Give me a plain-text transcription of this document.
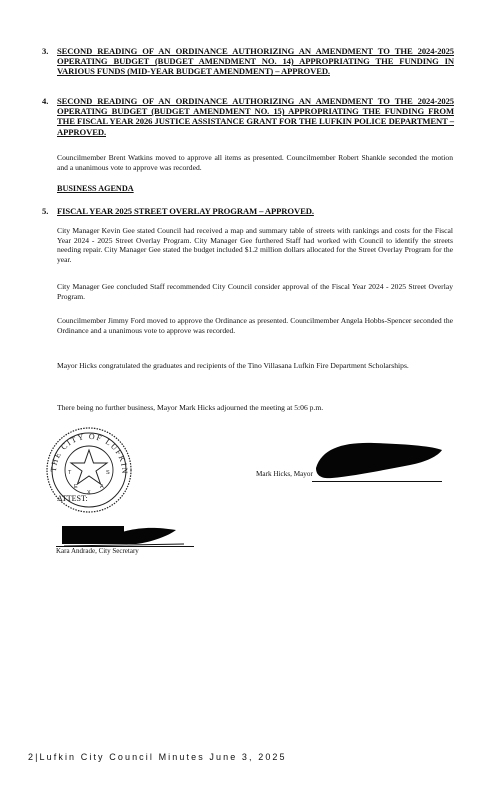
3. SECOND READING OF AN ORDINANCE AUTHORIZING AN AMENDMENT TO THE 2024-2025 OPERATING BUDGET (BUDGET AMENDMENT NO. 14) APPROPRIATING THE FUNDING IN VARIOUS FUNDS (MID-YEAR BUDGET AMENDMENT) – APPROVED.
4. SECOND READING OF AN ORDINANCE AUTHORIZING AN AMENDMENT TO THE 2024-2025 OPERATING BUDGET (BUDGET AMENDMENT NO. 15) APPROPRIATING THE FUNDING FROM THE FISCAL YEAR 2026 JUSTICE ASSISTANCE GRANT FOR THE LUFKIN POLICE DEPARTMENT – APPROVED.
Councilmember Brent Watkins moved to approve all items as presented. Councilmember Robert Shankle seconded the motion and a unanimous vote to approve was recorded.
BUSINESS AGENDA
5. FISCAL YEAR 2025 STREET OVERLAY PROGRAM – APPROVED.
City Manager Kevin Gee stated Council had received a map and summary table of streets with rankings and costs for the Fiscal Year 2024 - 2025 Street Overlay Program. City Manager Gee furthered Staff had worked with Council to identify the streets needing repair. City Manager Gee stated the budget included $1.2 million dollars allocated for the Street Overlay Program for the year.
City Manager Gee concluded Staff recommended City Council consider approval of the Fiscal Year 2024 - 2025 Street Overlay Program.
Councilmember Jimmy Ford moved to approve the Ordinance as presented. Councilmember Angela Hobbs-Spencer seconded the Ordinance and a unanimous vote to approve was recorded.
Mayor Hicks congratulated the graduates and recipients of the Tino Villasana Lufkin Fire Department Scholarships.
There being no further business, Mayor Mark Hicks adjourned the meeting at 5:06 p.m.
THE CITY OF LUFKIN
T
E
X
A
S	Mark Hicks, Mayor
ATTEST:
Kara Andrade, City Secretary
2|Lufkin City Council Minutes June 3, 2025
